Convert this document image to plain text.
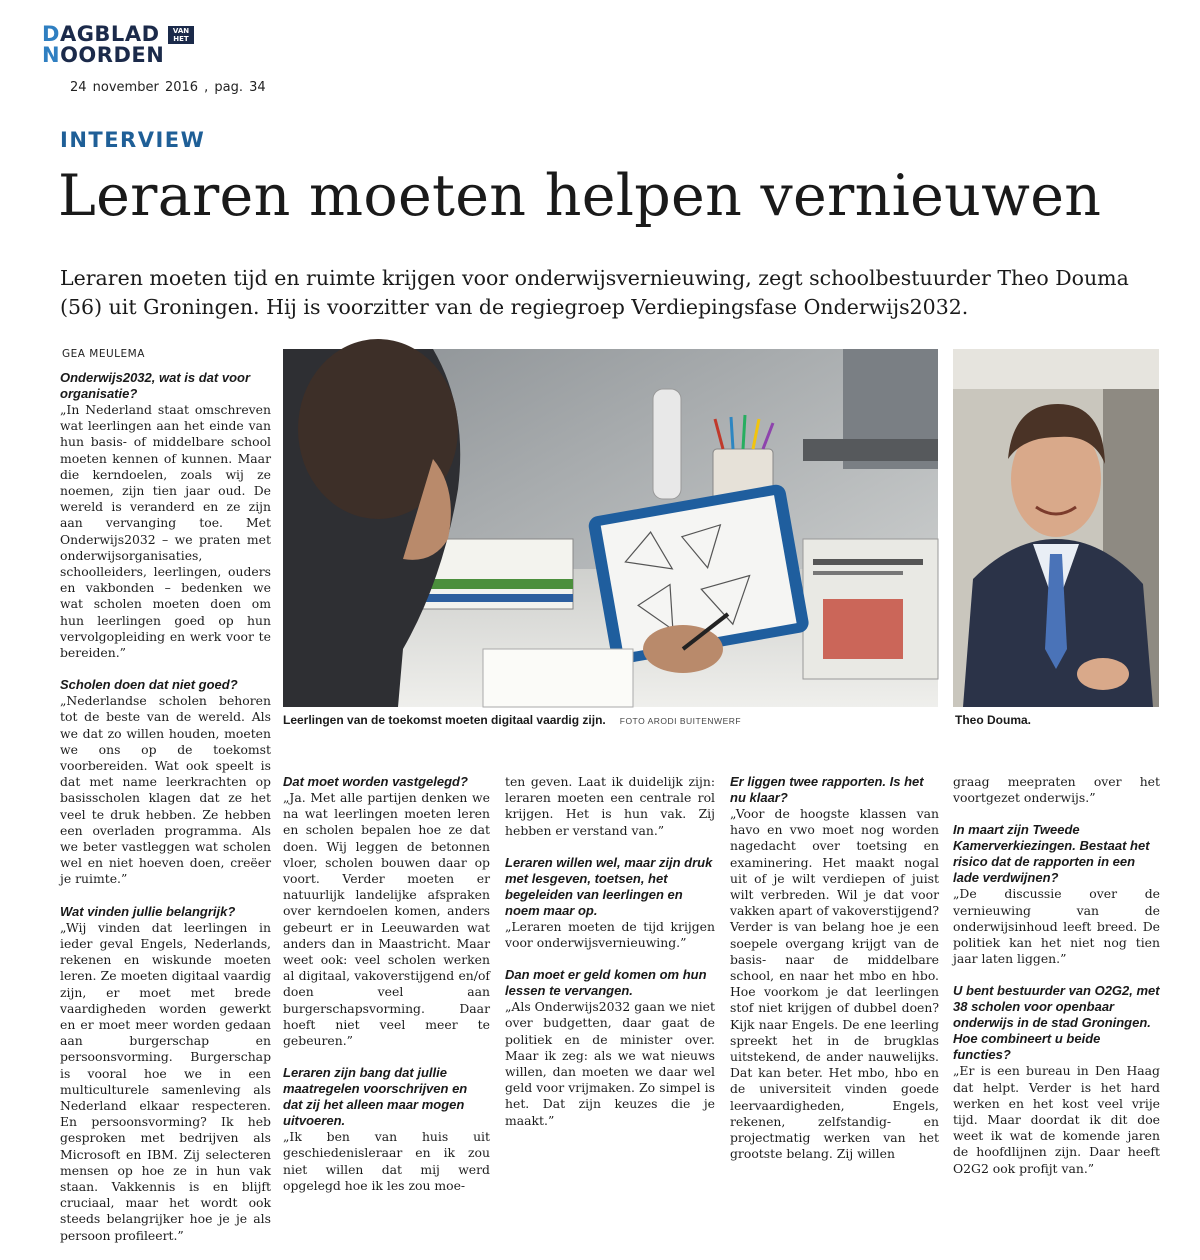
DAGBLAD	VAN HET
NOORDEN
24 november 2016 , pag. 34
INTERVIEW
Leraren moeten helpen vernieuwen

Leraren moeten tijd en ruimte krijgen voor onderwijsvernieuwing, zegt schoolbestuurder Theo Douma (56) uit Groningen. Hij is voorzitter van de regiegroep Verdiepingsfase Onderwijs2032.

GEA MEULEMA
Leerlingen van de toekomst moeten digitaal vaardig zijn. FOTO ARODI BUITENWERF	Theo Douma.
Onderwijs2032, wat is dat voor organisatie?
„In Nederland staat omschreven wat leerlingen aan het einde van hun basis- of middelbare school moeten kennen of kunnen. Maar die kerndoelen, zoals wij ze noemen, zijn tien jaar oud. De wereld is veranderd en ze zijn aan vervanging toe. Met Onderwijs2032 – we praten met onderwijsorganisaties, schoolleiders, leerlingen, ouders en vakbonden – bedenken we wat scholen moeten doen om hun leerlingen goed op hun vervolgopleiding en werk voor te bereiden.”
Scholen doen dat niet goed?
„Nederlandse scholen behoren tot de beste van de wereld. Als we dat zo willen houden, moeten we ons op de toekomst voorbereiden. Wat ook speelt is dat met name leerkrachten op basisscholen klagen dat ze het veel te druk hebben. Ze hebben een overladen programma. Als we beter vastleggen wat scholen wel en niet hoeven doen, creëer je ruimte.”
Wat vinden jullie belangrijk?
„Wij vinden dat leerlingen in ieder geval Engels, Nederlands, rekenen en wiskunde moeten leren. Ze moeten digitaal vaardig zijn, er moet met brede vaardigheden worden gewerkt en er moet meer worden gedaan aan burgerschap en persoonsvorming. Burgerschap is vooral hoe we in een multiculturele samenleving als Nederland elkaar respecteren. En persoonsvorming? Ik heb gesproken met bedrijven als Microsoft en IBM. Zij selecteren mensen op hoe ze in hun vak staan. Vakkennis is en blijft cruciaal, maar het wordt ook steeds belangrijker hoe je je als persoon profileert.”
Dat moet worden vastgelegd?
„Ja. Met alle partijen denken we na wat leerlingen moeten leren en scholen bepalen hoe ze dat doen. Wij leggen de betonnen vloer, scholen bouwen daar op voort. Verder moeten er natuurlijk landelijke afspraken over kerndoelen komen, anders gebeurt er in Leeuwarden wat anders dan in Maastricht. Maar weet ook: veel scholen werken al digitaal, vakoverstijgend en/of doen veel aan burgerschapsvorming. Daar hoeft niet veel meer te gebeuren.”
Leraren zijn bang dat jullie maatregelen voorschrijven en dat zij het alleen maar mogen uitvoeren.
„Ik ben van huis uit geschiedenisleraar en ik zou niet willen dat mij werd opgelegd hoe ik les zou moe-
ten geven. Laat ik duidelijk zijn: leraren moeten een centrale rol krijgen. Het is hun vak. Zij hebben er verstand van.”
Leraren willen wel, maar zijn druk met lesgeven, toetsen, het begeleiden van leerlingen en noem maar op.
„Leraren moeten de tijd krijgen voor onderwijsvernieuwing.”
Dan moet er geld komen om hun lessen te vervangen.
„Als Onderwijs2032 gaan we niet over budgetten, daar gaat de politiek en de minister over. Maar ik zeg: als we wat nieuws willen, dan moeten we daar wel geld voor vrijmaken. Zo simpel is het. Dat zijn keuzes die je maakt.”
Er liggen twee rapporten. Is het nu klaar?
„Voor de hoogste klassen van havo en vwo moet nog worden nagedacht over toetsing en examinering. Het maakt nogal uit of je wilt verdiepen of juist wilt verbreden. Wil je dat voor vakken apart of vakoverstijgend? Verder is van belang hoe je een soepele overgang krijgt van de basis- naar de middelbare school, en naar het mbo en hbo. Hoe voorkom je dat leerlingen stof niet krijgen of dubbel doen? Kijk naar Engels. De ene leerling spreekt het in de brugklas uitstekend, de ander nauwelijks. Dat kan beter. Het mbo, hbo en de universiteit vinden goede leervaardigheden, Engels, rekenen, zelfstandig- en projectmatig werken van het grootste belang. Zij willen
graag meepraten over het voortgezet onderwijs.”
In maart zijn Tweede Kamerverkiezingen. Bestaat het risico dat de rapporten in een lade verdwijnen?
„De discussie over de vernieuwing van de onderwijsinhoud leeft breed. De politiek kan het niet nog tien jaar laten liggen.”
U bent bestuurder van O2G2, met 38 scholen voor openbaar onderwijs in de stad Groningen. Hoe combineert u beide functies?
„Er is een bureau in Den Haag dat helpt. Verder is het hard werken en het kost veel vrije tijd. Maar doordat ik dit doe weet ik wat de komende jaren de hoofdlijnen zijn. Daar heeft O2G2 ook profijt van.”
